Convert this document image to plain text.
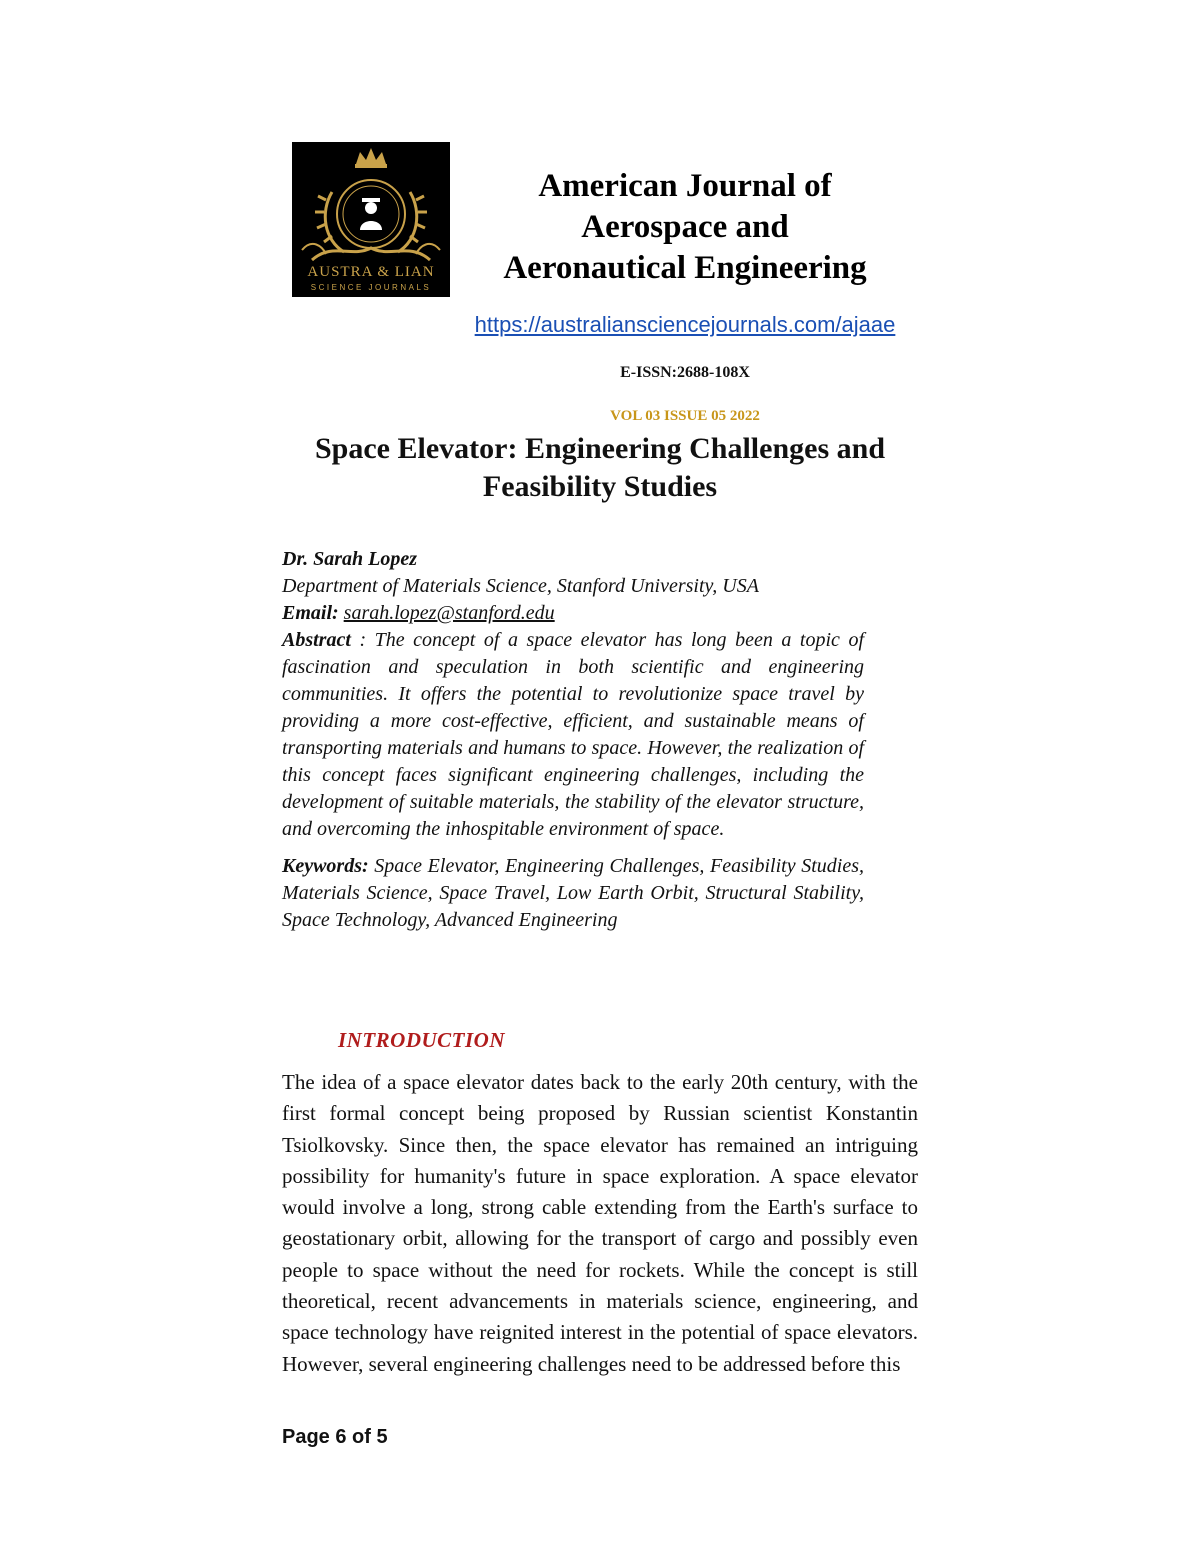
AUSTRA & LIAN
SCIENCE JOURNALS
American Journal of
Aerospace and
Aeronautical Engineering
https://australiansciencejournals.com/ajaae
E-ISSN:2688-108X
VOL 03 ISSUE 05 2022
Space Elevator: Engineering Challenges and
Feasibility Studies

Dr. Sarah Lopez

Department of Materials Science, Stanford University, USA

Email: sarah.lopez@stanford.edu

Abstract : The concept of a space elevator has long been a topic of fascination and speculation in both scientific and engineering communities. It offers the potential to revolutionize space travel by providing a more cost-effective, efficient, and sustainable means of transporting materials and humans to space. However, the realization of this concept faces significant engineering challenges, including the development of suitable materials, the stability of the elevator structure, and overcoming the inhospitable environment of space.

Keywords: Space Elevator, Engineering Challenges, Feasibility Studies, Materials Science, Space Travel, Low Earth Orbit, Structural Stability, Space Technology, Advanced Engineering

INTRODUCTION

The idea of a space elevator dates back to the early 20th century, with the first formal concept being proposed by Russian scientist Konstantin Tsiolkovsky. Since then, the space elevator has remained an intriguing possibility for humanity's future in space exploration. A space elevator would involve a long, strong cable extending from the Earth's surface to geostationary orbit, allowing for the transport of cargo and possibly even people to space without the need for rockets. While the concept is still theoretical, recent advancements in materials science, engineering, and space technology have reignited interest in the potential of space elevators. However, several engineering challenges need to be addressed before this

Page 6 of 5
